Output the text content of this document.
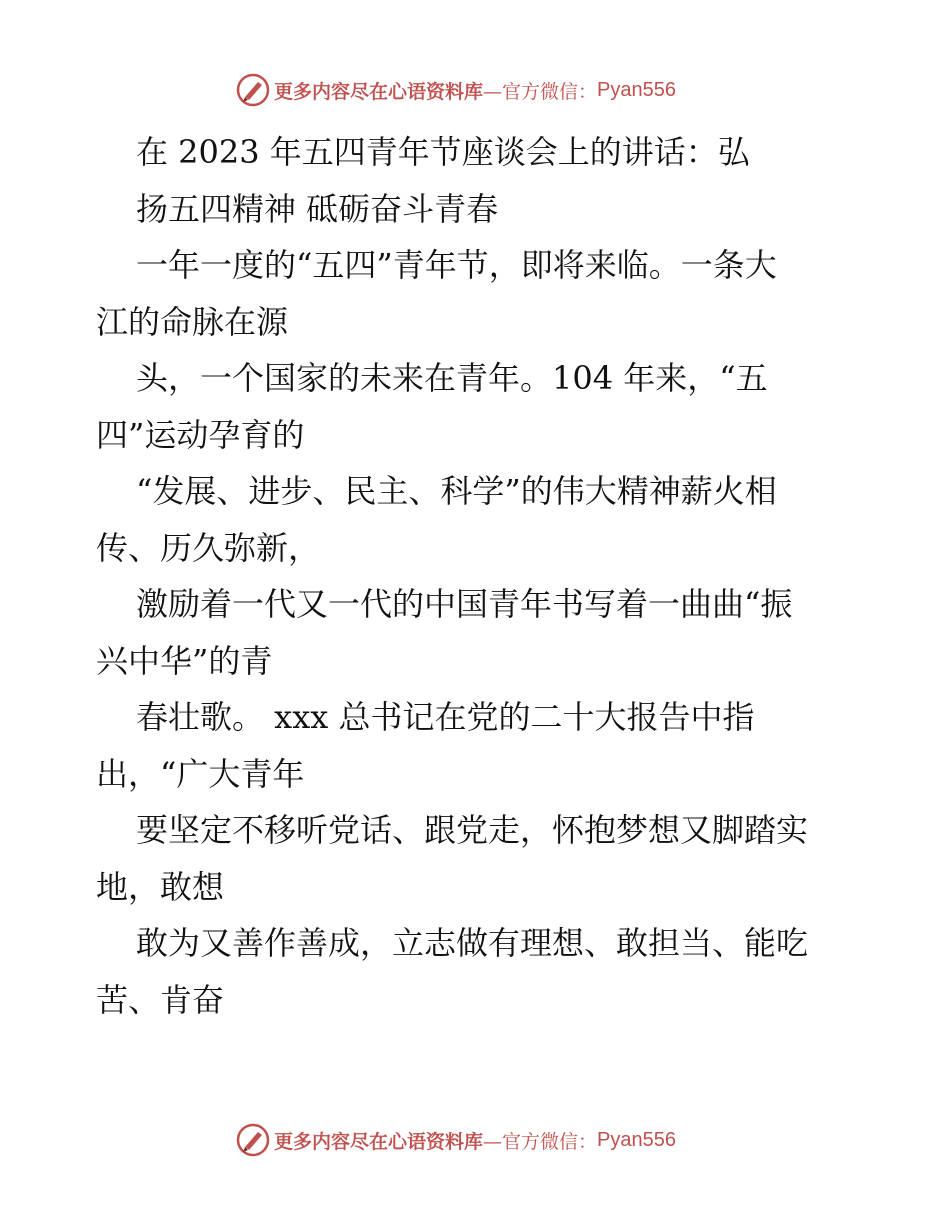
更多内容尽在心语资料库 —官方微信： Pyan556
在 2023 年五四青年节座谈会上的讲话：弘
扬五四精神 砥砺奋斗青春
一年一度的“五四”青年节，即将来临。一条大
江的命脉在源
头，一个国家的未来在青年。104 年来，“五
四”运动孕育的
“发展、进步、民主、科学”的伟大精神薪火相
传、历久弥新，
激励着一代又一代的中国青年书写着一曲曲“振
兴中华”的青
春壮歌。 xxx 总书记在党的二十大报告中指
出，“广大青年
要坚定不移听党话、跟党走，怀抱梦想又脚踏实
地，敢想
敢为又善作善成，立志做有理想、敢担当、能吃
苦、肯奋
更多内容尽在心语资料库 —官方微信： Pyan556
